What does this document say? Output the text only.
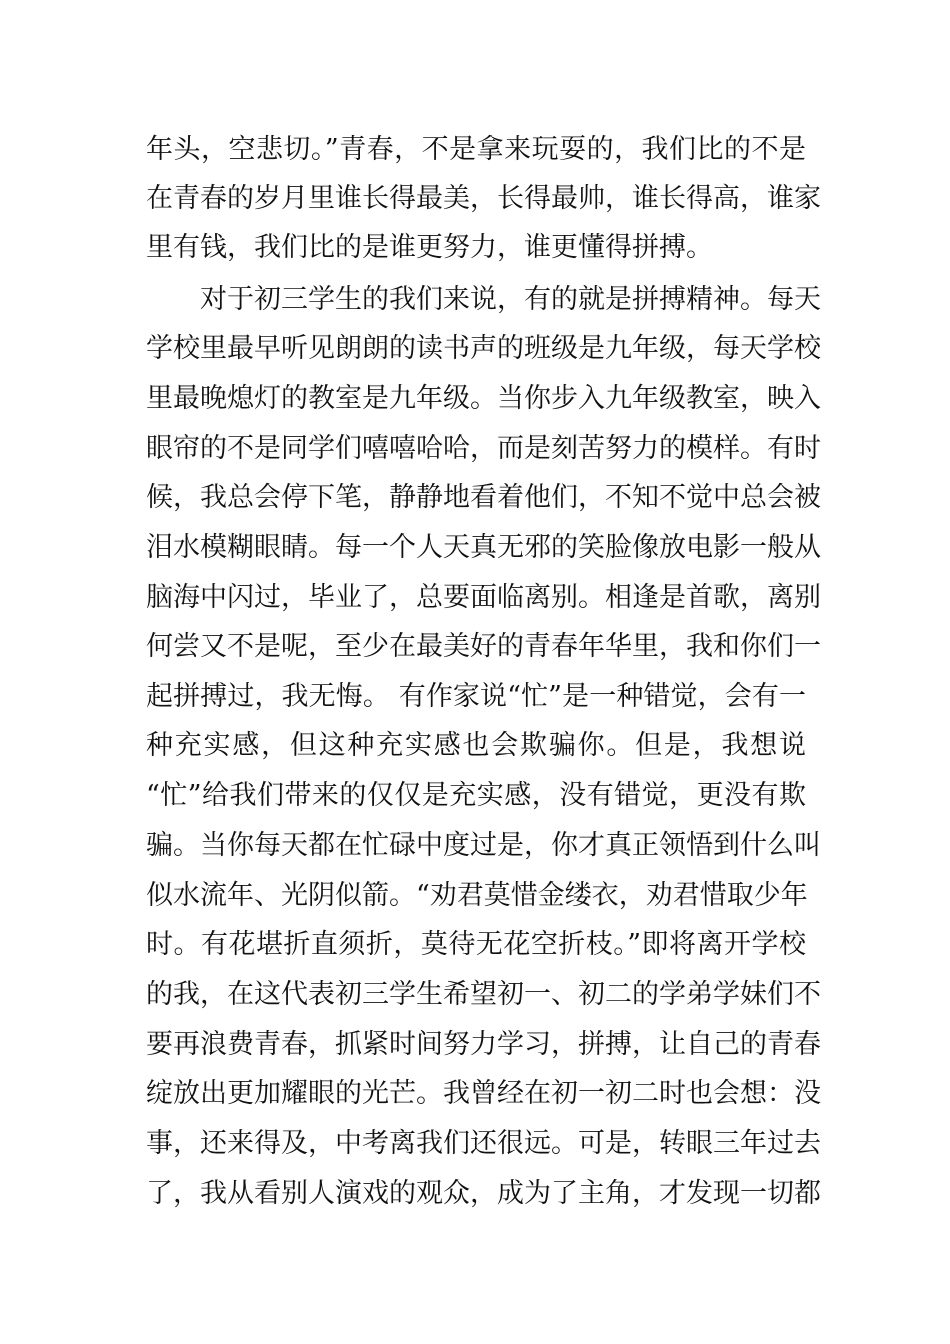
年头，空悲切。”青春，不是拿来玩耍的，我们比的不是
在青春的岁月里谁长得最美，长得最帅，谁长得高，谁家
里有钱，我们比的是谁更努力，谁更懂得拼搏。
对于初三学生的我们来说，有的就是拼搏精神。每天
学校里最早听见朗朗的读书声的班级是九年级，每天学校
里最晚熄灯的教室是九年级。当你步入九年级教室，映入
眼帘的不是同学们嘻嘻哈哈，而是刻苦努力的模样。有时
候，我总会停下笔，静静地看着他们，不知不觉中总会被
泪水模糊眼睛。每一个人天真无邪的笑脸像放电影一般从
脑海中闪过，毕业了，总要面临离别。相逢是首歌，离别
何尝又不是呢，至少在最美好的青春年华里，我和你们一
起拼搏过，我无悔。 有作家说“忙”是一种错觉，会有一
种充实感，但这种充实感也会欺骗你。但是，我想说
“忙”给我们带来的仅仅是充实感，没有错觉，更没有欺
骗。当你每天都在忙碌中度过是，你才真正领悟到什么叫
似水流年、光阴似箭。“劝君莫惜金缕衣，劝君惜取少年
时。有花堪折直须折，莫待无花空折枝。”即将离开学校
的我，在这代表初三学生希望初一、初二的学弟学妹们不
要再浪费青春，抓紧时间努力学习，拼搏，让自己的青春
绽放出更加耀眼的光芒。我曾经在初一初二时也会想：没
事，还来得及，中考离我们还很远。可是，转眼三年过去
了，我从看别人演戏的观众，成为了主角，才发现一切都
